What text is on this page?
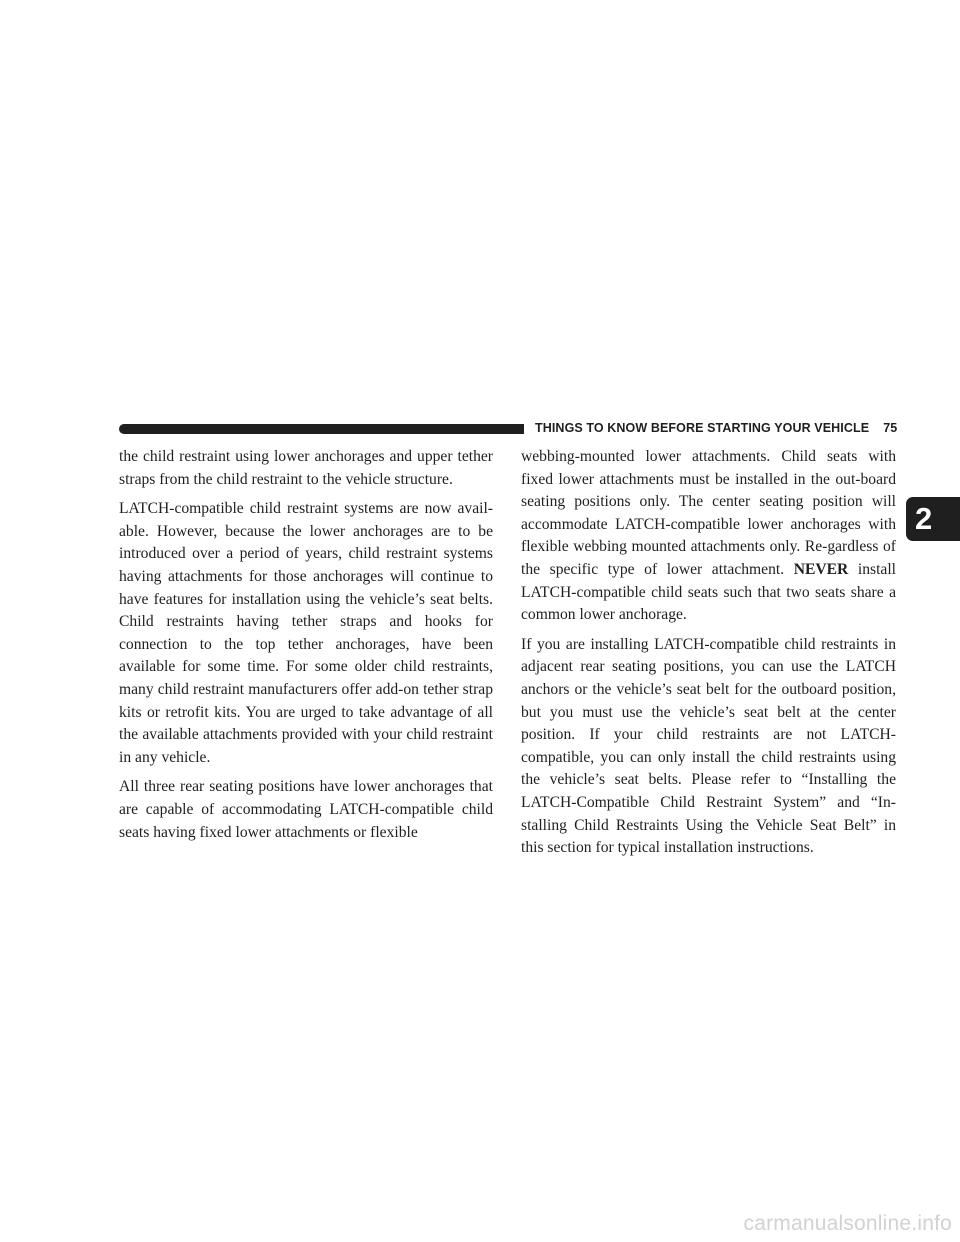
THINGS TO KNOW BEFORE STARTING YOUR VEHICLE 75
2

the child restraint using lower anchorages and upper tether straps from the child restraint to the vehicle structure.

LATCH-compatible child restraint systems are now avail-able. However, because the lower anchorages are to be introduced over a period of years, child restraint systems having attachments for those anchorages will continue to have features for installation using the vehicle’s seat belts. Child restraints having tether straps and hooks for connection to the top tether anchorages, have been available for some time. For some older child restraints, many child restraint manufacturers offer add-on tether strap kits or retrofit kits. You are urged to take advantage of all the available attachments provided with your child restraint in any vehicle.

All three rear seating positions have lower anchorages that are capable of accommodating LATCH-compatible child seats having fixed lower attachments or flexible

webbing-mounted lower attachments. Child seats with fixed lower attachments must be installed in the out-board seating positions only. The center seating position will accommodate LATCH-compatible lower anchorages with flexible webbing mounted attachments only. Re-gardless of the specific type of lower attachment. NEVER install LATCH-compatible child seats such that two seats share a common lower anchorage.

If you are installing LATCH-compatible child restraints in adjacent rear seating positions, you can use the LATCH anchors or the vehicle’s seat belt for the outboard position, but you must use the vehicle’s seat belt at the center position. If your child restraints are not LATCH-compatible, you can only install the child restraints using the vehicle’s seat belts. Please refer to “Installing the LATCH-Compatible Child Restraint System” and “In-stalling Child Restraints Using the Vehicle Seat Belt” in this section for typical installation instructions.

carmanualsonline.info
